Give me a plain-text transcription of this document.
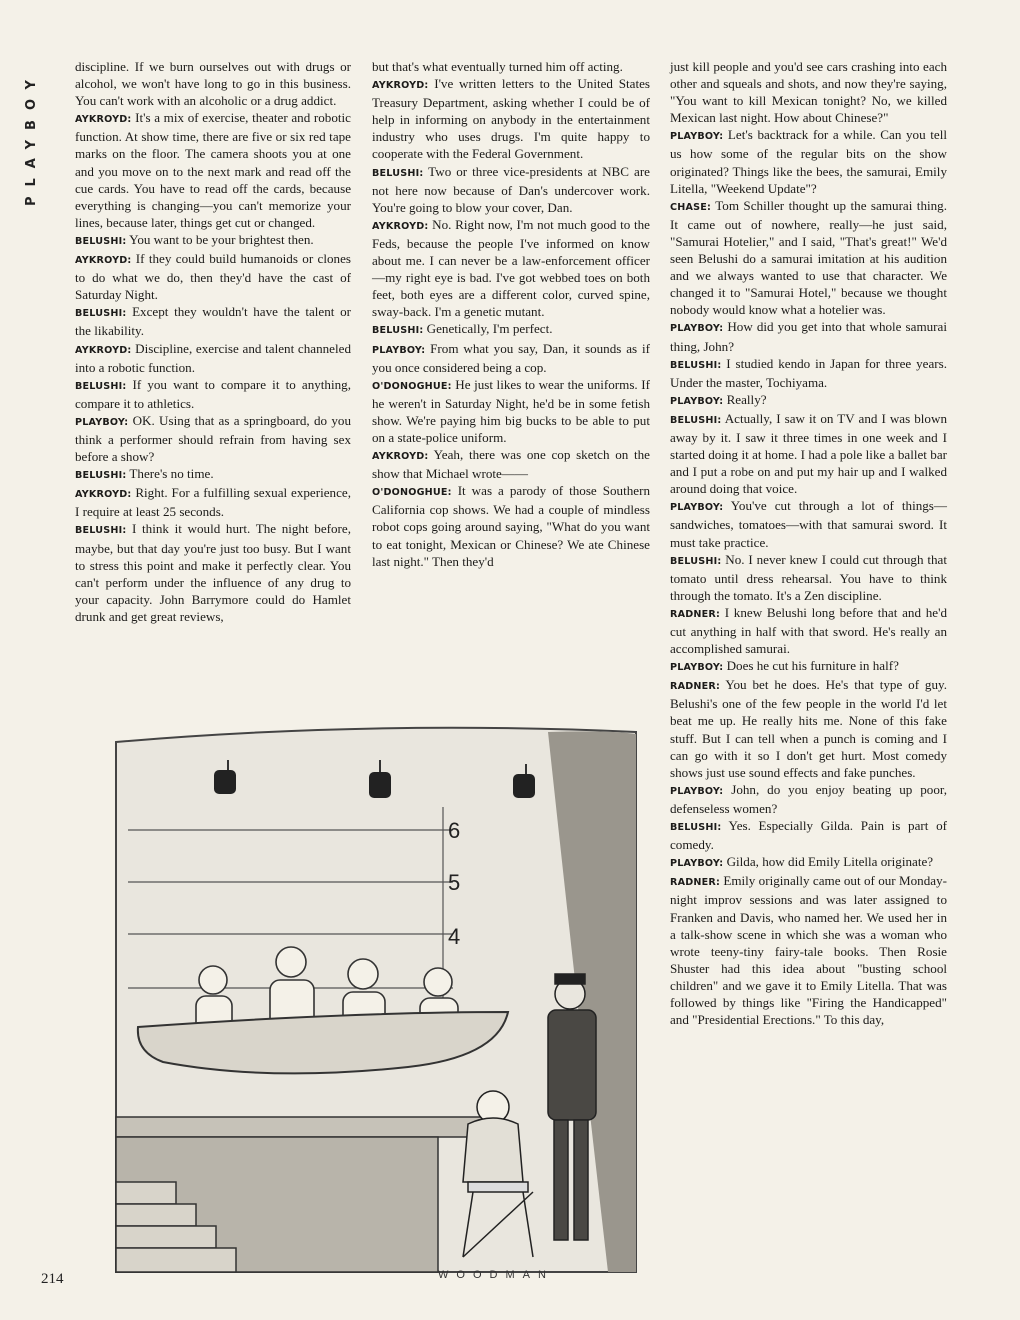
PLAYBOY

discipline. If we burn ourselves out with drugs or alcohol, we won't have long to go in this business. You can't work with an alcoholic or a drug addict.

AYKROYD: It's a mix of exercise, theater and robotic function. At show time, there are five or six red tape marks on the floor. The camera shoots you at one and you move on to the next mark and read off the cue cards. You have to read off the cards, because everything is changing—you can't memorize your lines, because later, things get cut or changed.

BELUSHI: You want to be your brightest then.

AYKROYD: If they could build humanoids or clones to do what we do, then they'd have the cast of Saturday Night.

BELUSHI: Except they wouldn't have the talent or the likability.

AYKROYD: Discipline, exercise and talent channeled into a robotic function.

BELUSHI: If you want to compare it to anything, compare it to athletics.

PLAYBOY: OK. Using that as a springboard, do you think a performer should refrain from having sex before a show?

BELUSHI: There's no time.

AYKROYD: Right. For a fulfilling sexual experience, I require at least 25 seconds.

BELUSHI: I think it would hurt. The night before, maybe, but that day you're just too busy. But I want to stress this point and make it perfectly clear. You can't perform under the influence of any drug to your capacity. John Barrymore could do Hamlet drunk and get great reviews,

but that's what eventually turned him off acting.

AYKROYD: I've written letters to the United States Treasury Department, asking whether I could be of help in informing on anybody in the entertainment industry who uses drugs. I'm quite happy to cooperate with the Federal Government.

BELUSHI: Two or three vice-presidents at NBC are not here now because of Dan's undercover work. You're going to blow your cover, Dan.

AYKROYD: No. Right now, I'm not much good to the Feds, because the people I've informed on know about me. I can never be a law-enforcement officer—my right eye is bad. I've got webbed toes on both feet, both eyes are a different color, curved spine, sway-back. I'm a genetic mutant.

BELUSHI: Genetically, I'm perfect.

PLAYBOY: From what you say, Dan, it sounds as if you once considered being a cop.

O'DONOGHUE: He just likes to wear the uniforms. If he weren't in Saturday Night, he'd be in some fetish show. We're paying him big bucks to be able to put on a state-police uniform.

AYKROYD: Yeah, there was one cop sketch on the show that Michael wrote——

O'DONOGHUE: It was a parody of those Southern California cop shows. We had a couple of mindless robot cops going around saying, "What do you want to eat tonight, Mexican or Chinese? We ate Chinese last night." Then they'd

just kill people and you'd see cars crashing into each other and squeals and shots, and now they're saying, "You want to kill Mexican tonight? No, we killed Mexican last night. How about Chinese?"

PLAYBOY: Let's backtrack for a while. Can you tell us how some of the regular bits on the show originated? Things like the bees, the samurai, Emily Litella, "Weekend Update"?

CHASE: Tom Schiller thought up the samurai thing. It came out of nowhere, really—he just said, "Samurai Hotelier," and I said, "That's great!" We'd seen Belushi do a samurai imitation at his audition and we always wanted to use that character. We changed it to "Samurai Hotel," because we thought nobody would know what a hotelier was.

PLAYBOY: How did you get into that whole samurai thing, John?

BELUSHI: I studied kendo in Japan for three years. Under the master, Tochiyama.

PLAYBOY: Really?

BELUSHI: Actually, I saw it on TV and I was blown away by it. I saw it three times in one week and I started doing it at home. I had a pole like a ballet bar and I put a robe on and put my hair up and I walked around doing that voice.

PLAYBOY: You've cut through a lot of things—sandwiches, tomatoes—with that samurai sword. It must take practice.

BELUSHI: No. I never knew I could cut through that tomato until dress rehearsal. You have to think through the tomato. It's a Zen discipline.

RADNER: I knew Belushi long before that and he'd cut anything in half with that sword. He's really an accomplished samurai.

PLAYBOY: Does he cut his furniture in half?

RADNER: You bet he does. He's that type of guy. Belushi's one of the few people in the world I'd let beat me up. He really hits me. None of this fake stuff. But I can tell when a punch is coming and I can go with it so I don't get hurt. Most comedy shows just use sound effects and fake punches.

PLAYBOY: John, do you enjoy beating up poor, defenseless women?

BELUSHI: Yes. Especially Gilda. Pain is part of comedy.

PLAYBOY: Gilda, how did Emily Litella originate?

RADNER: Emily originally came out of our Monday-night improv sessions and was later assigned to Franken and Davis, who named her. We used her in a talk-show scene in which she was a woman who wrote teeny-tiny fairy-tale books. Then Rosie Shuster had this idea about "busting school children" and we gave it to Emily Litella. That was followed by things like "Firing the Handicapped" and "Presidential Erections." To this day,

6
5
4
WOODMAN
214
